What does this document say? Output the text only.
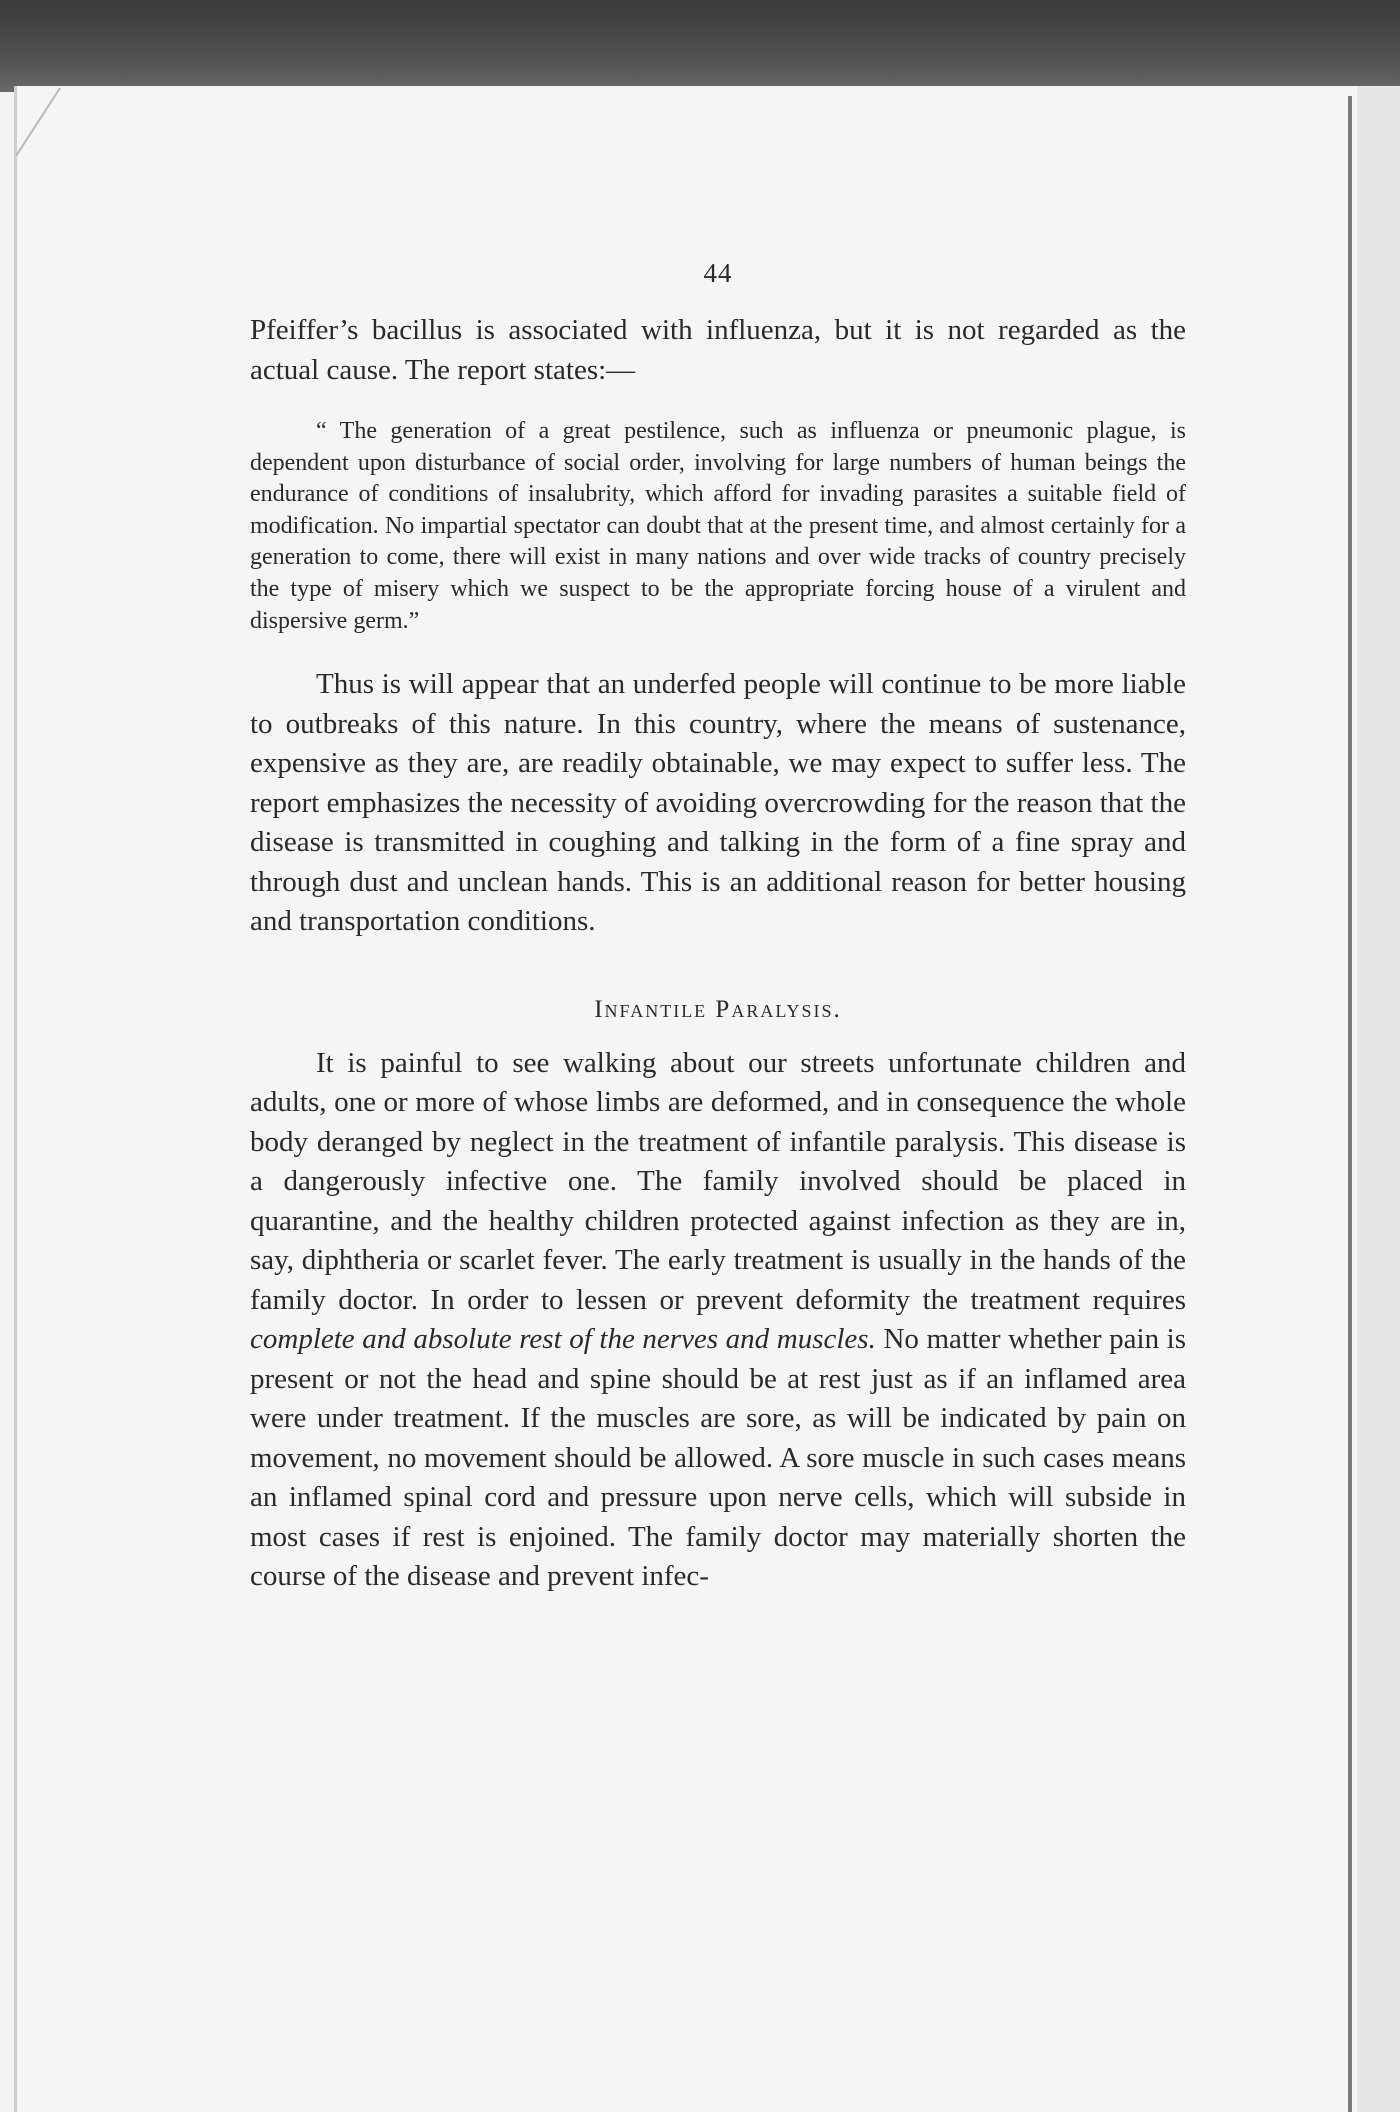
44

Pfeiffer’s bacillus is associated with influenza, but it is not regarded as the actual cause. The report states:—

“ The generation of a great pestilence, such as influenza or pneumonic plague, is dependent upon disturbance of social order, involving for large numbers of human beings the endurance of conditions of insalubrity, which afford for invading parasites a suitable field of modification. No impartial spectator can doubt that at the present time, and almost certainly for a generation to come, there will exist in many nations and over wide tracks of country precisely the type of misery which we suspect to be the appropriate forcing house of a virulent and dispersive germ.”

Thus is will appear that an underfed people will continue to be more liable to outbreaks of this nature. In this country, where the means of sustenance, expensive as they are, are readily obtainable, we may expect to suffer less. The report emphasizes the necessity of avoiding overcrowding for the reason that the disease is transmitted in coughing and talking in the form of a fine spray and through dust and unclean hands. This is an additional reason for better housing and transportation conditions.

Infantile Paralysis.

It is painful to see walking about our streets unfortunate children and adults, one or more of whose limbs are deformed, and in consequence the whole body deranged by neglect in the treatment of infantile paralysis. This disease is a dangerously infective one. The family involved should be placed in quarantine, and the healthy children protected against infection as they are in, say, diphtheria or scarlet fever. The early treatment is usually in the hands of the family doctor. In order to lessen or prevent deformity the treatment requires complete and absolute rest of the nerves and muscles. No matter whether pain is present or not the head and spine should be at rest just as if an inflamed area were under treatment. If the muscles are sore, as will be indicated by pain on movement, no movement should be allowed. A sore muscle in such cases means an inflamed spinal cord and pressure upon nerve cells, which will subside in most cases if rest is enjoined. The family doctor may materially shorten the course of the disease and prevent infec-
